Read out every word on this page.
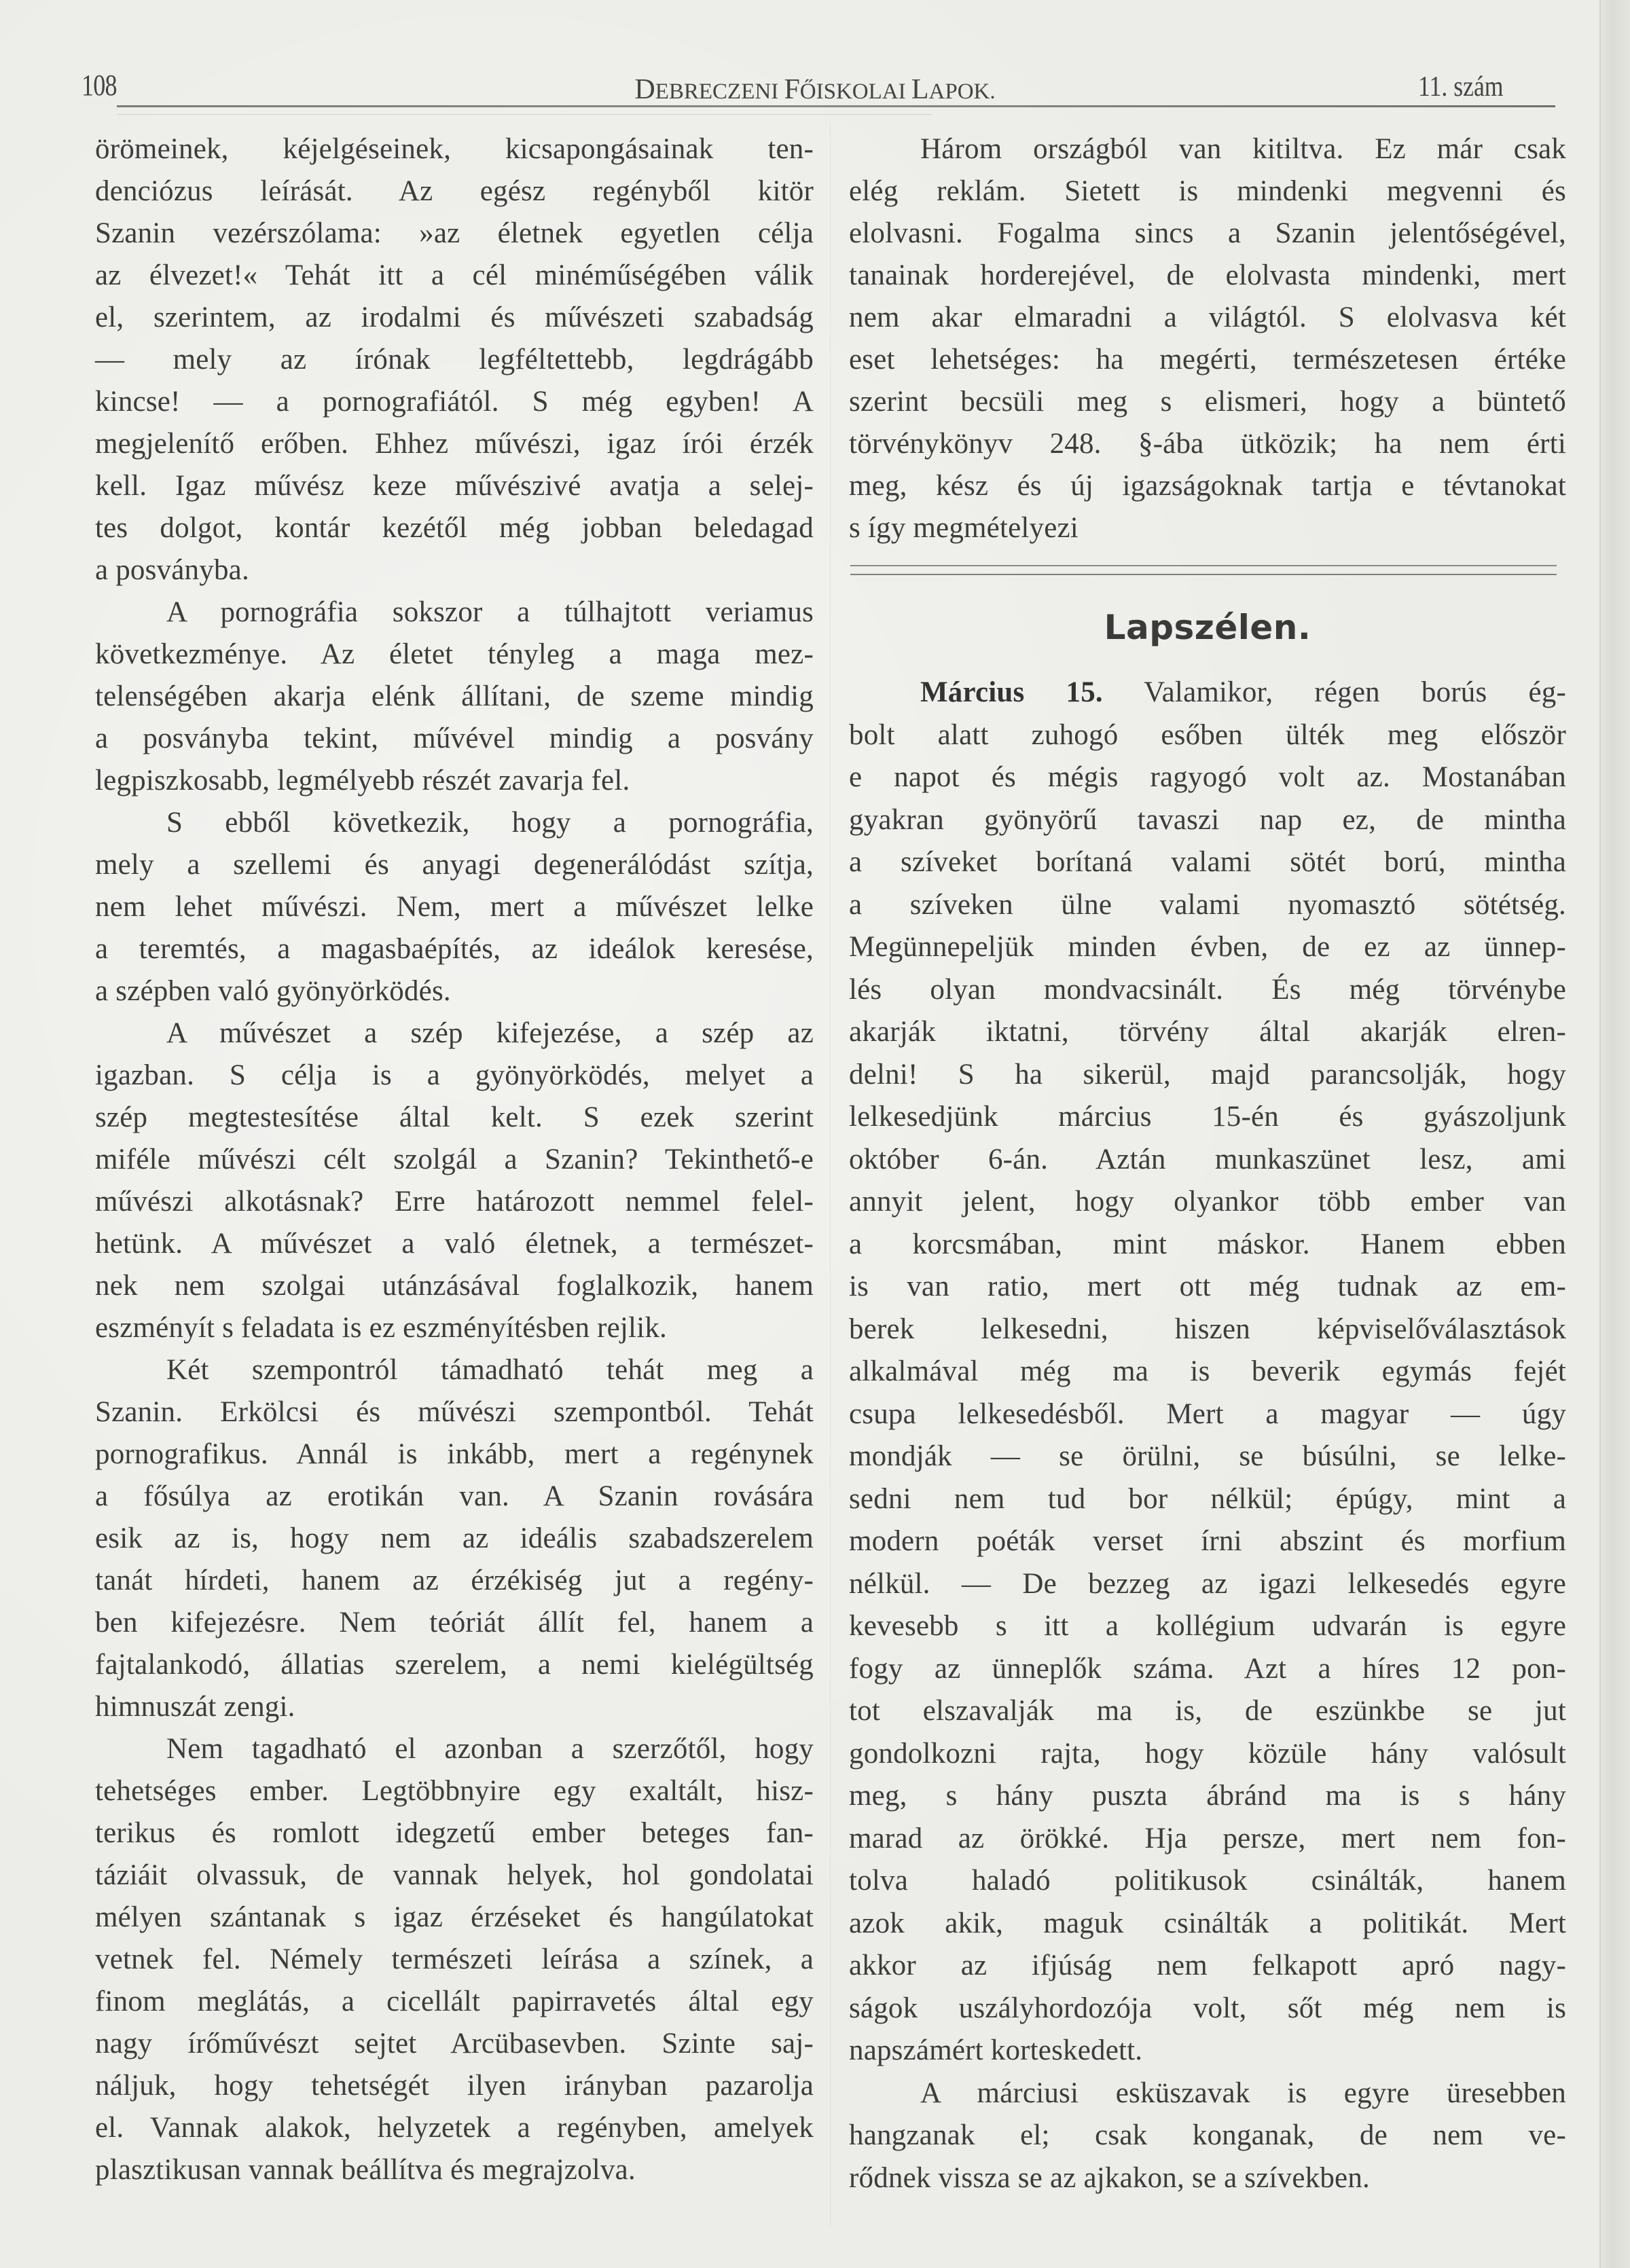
108	DEBRECZENI FŐISKOLAI LAPOK.	11. szám
örömeinek, kéjelgéseinek, kicsapongásainak ten-
denciózus leírását. Az egész regényből kitör
Szanin vezérszólama: »az életnek egyetlen célja
az élvezet!« Tehát itt a cél minéműségében válik
el, szerintem, az irodalmi és művészeti szabadság
— mely az írónak legféltettebb, legdrágább
kincse! — a pornografiától. S még egyben! A
megjelenítő erőben. Ehhez művészi, igaz írói érzék
kell. Igaz művész keze művészivé avatja a selej-
tes dolgot, kontár kezétől még jobban beledagad
a posványba.
A pornográfia sokszor a túlhajtott veriamus
következménye. Az életet tényleg a maga mez-
telenségében akarja elénk állítani, de szeme mindig
a posványba tekint, művével mindig a posvány
legpiszkosabb, legmélyebb részét zavarja fel.
S ebből következik, hogy a pornográfia,
mely a szellemi és anyagi degenerálódást szítja,
nem lehet művészi. Nem, mert a művészet lelke
a teremtés, a magasbaépítés, az ideálok keresése,
a szépben való gyönyörködés.
A művészet a szép kifejezése, a szép az
igazban. S célja is a gyönyörködés, melyet a
szép megtestesítése által kelt. S ezek szerint
miféle művészi célt szolgál a Szanin? Tekinthető-e
művészi alkotásnak? Erre határozott nemmel felel-
hetünk. A művészet a való életnek, a természet-
nek nem szolgai utánzásával foglalkozik, hanem
eszményít s feladata is ez eszményítésben rejlik.
Két szempontról támadható tehát meg a
Szanin. Erkölcsi és művészi szempontból. Tehát
pornografikus. Annál is inkább, mert a regénynek
a fősúlya az erotikán van. A Szanin rovására
esik az is, hogy nem az ideális szabadszerelem
tanát hírdeti, hanem az érzékiség jut a regény-
ben kifejezésre. Nem teóriát állít fel, hanem a
fajtalankodó, állatias szerelem, a nemi kielégültség
himnuszát zengi.
Nem tagadható el azonban a szerzőtől, hogy
tehetséges ember. Legtöbbnyire egy exaltált, hisz-
terikus és romlott idegzetű ember beteges fan-
táziáit olvassuk, de vannak helyek, hol gondolatai
mélyen szántanak s igaz érzéseket és hangúlatokat
vetnek fel. Némely természeti leírása a színek, a
finom meglátás, a cicellált papirravetés által egy
nagy írőművészt sejtet Arcübasevben. Szinte saj-
náljuk, hogy tehetségét ilyen irányban pazarolja
el. Vannak alakok, helyzetek a regényben, amelyek
plasztikusan vannak beállítva és megrajzolva.
Három országból van kitiltva. Ez már csak
elég reklám. Sietett is mindenki megvenni és
elolvasni. Fogalma sincs a Szanin jelentőségével,
tanainak horderejével, de elolvasta mindenki, mert
nem akar elmaradni a világtól. S elolvasva két
eset lehetséges: ha megérti, természetesen értéke
szerint becsüli meg s elismeri, hogy a büntető
törvénykönyv 248. §-ába ütközik; ha nem érti
meg, kész és új igazságoknak tartja e tévtanokat
s így megmételyezi
Március 15. Valamikor, régen borús ég-
bolt alatt zuhogó esőben ülték meg először
e napot és mégis ragyogó volt az. Mostanában
gyakran gyönyörű tavaszi nap ez, de mintha
a szíveket borítaná valami sötét ború, mintha
a szíveken ülne valami nyomasztó sötétség.
Megünnepeljük minden évben, de ez az ünnep-
lés olyan mondvacsinált. És még törvénybe
akarják iktatni, törvény által akarják elren-
delni! S ha sikerül, majd parancsolják, hogy
lelkesedjünk március 15-én és gyászoljunk
október 6-án. Aztán munkaszünet lesz, ami
annyit jelent, hogy olyankor több ember van
a korcsmában, mint máskor. Hanem ebben
is van ratio, mert ott még tudnak az em-
berek lelkesedni, hiszen képviselőválasztások
alkalmával még ma is beverik egymás fejét
csupa lelkesedésből. Mert a magyar — úgy
mondják — se örülni, se búsúlni, se lelke-
sedni nem tud bor nélkül; épúgy, mint a
modern poéták verset írni abszint és morfium
nélkül. — De bezzeg az igazi lelkesedés egyre
kevesebb s itt a kollégium udvarán is egyre
fogy az ünneplők száma. Azt a híres 12 pon-
tot elszavalják ma is, de eszünkbe se jut
gondolkozni rajta, hogy közüle hány valósult
meg, s hány puszta ábránd ma is s hány
marad az örökké. Hja persze, mert nem fon-
tolva haladó politikusok csinálták, hanem
azok akik, maguk csinálták a politikát. Mert
akkor az ifjúság nem felkapott apró nagy-
ságok uszályhordozója volt, sőt még nem is
napszámért korteskedett.
A márciusi esküszavak is egyre üresebben
hangzanak el; csak konganak, de nem ve-
rődnek vissza se az ajkakon, se a szívekben.
Lapszélen.
